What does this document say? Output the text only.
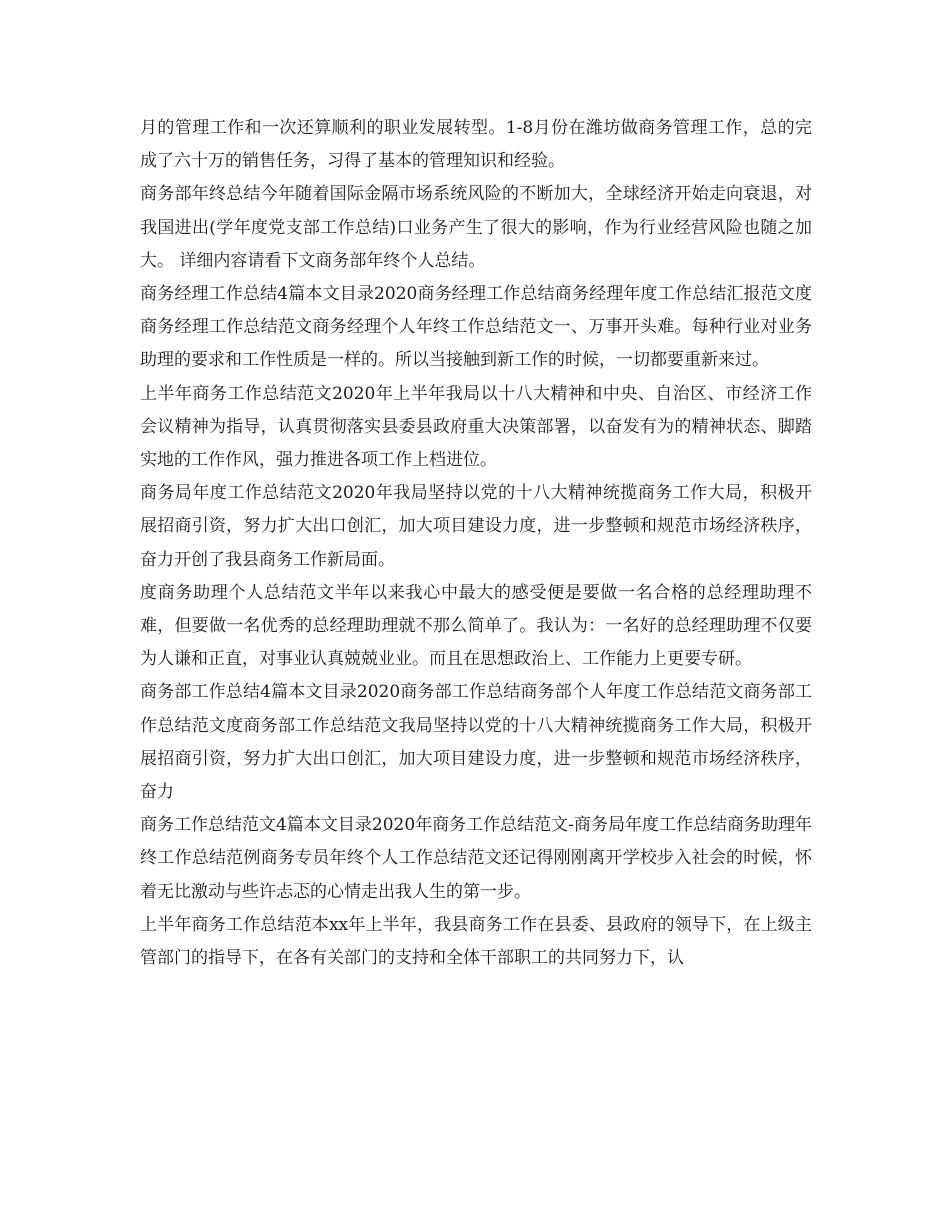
月的管理工作和一次还算顺利的职业发展转型。1-8月份在潍坊做商务管理工作，总的完成了六十万的销售任务，习得了基本的管理知识和经验。

商务部年终总结今年随着国际金隔市场系统风险的不断加大，全球经济开始走向衰退，对我国进出(学年度党支部工作总结)口业务产生了很大的影响，作为行业经营风险也随之加大。 详细内容请看下文商务部年终个人总结。

商务经理工作总结4篇本文目录2020商务经理工作总结商务经理年度工作总结汇报范文度商务经理工作总结范文商务经理个人年终工作总结范文一、万事开头难。每种行业对业务助理的要求和工作性质是一样的。所以当接触到新工作的时候，一切都要重新来过。

上半年商务工作总结范文2020年上半年我局以十八大精神和中央、自治区、市经济工作会议精神为指导，认真贯彻落实县委县政府重大决策部署，以奋发有为的精神状态、脚踏实地的工作作风，强力推进各项工作上档进位。

商务局年度工作总结范文2020年我局坚持以党的十八大精神统揽商务工作大局，积极开展招商引资，努力扩大出口创汇，加大项目建设力度，进一步整顿和规范市场经济秩序，奋力开创了我县商务工作新局面。

度商务助理个人总结范文半年以来我心中最大的感受便是要做一名合格的总经理助理不难，但要做一名优秀的总经理助理就不那么简单了。我认为：一名好的总经理助理不仅要为人谦和正直，对事业认真兢兢业业。而且在思想政治上、工作能力上更要专研。

商务部工作总结4篇本文目录2020商务部工作总结商务部个人年度工作总结范文商务部工作总结范文度商务部工作总结范文我局坚持以党的十八大精神统揽商务工作大局，积极开展招商引资，努力扩大出口创汇，加大项目建设力度，进一步整顿和规范市场经济秩序，奋力

商务工作总结范文4篇本文目录2020年商务工作总结范文-商务局年度工作总结商务助理年终工作总结范例商务专员年终个人工作总结范文还记得刚刚离开学校步入社会的时候，怀着无比激动与些许忐忑的心情走出我人生的第一步。

上半年商务工作总结范本xx年上半年，我县商务工作在县委、县政府的领导下，在上级主管部门的指导下，在各有关部门的支持和全体干部职工的共同努力下，认
